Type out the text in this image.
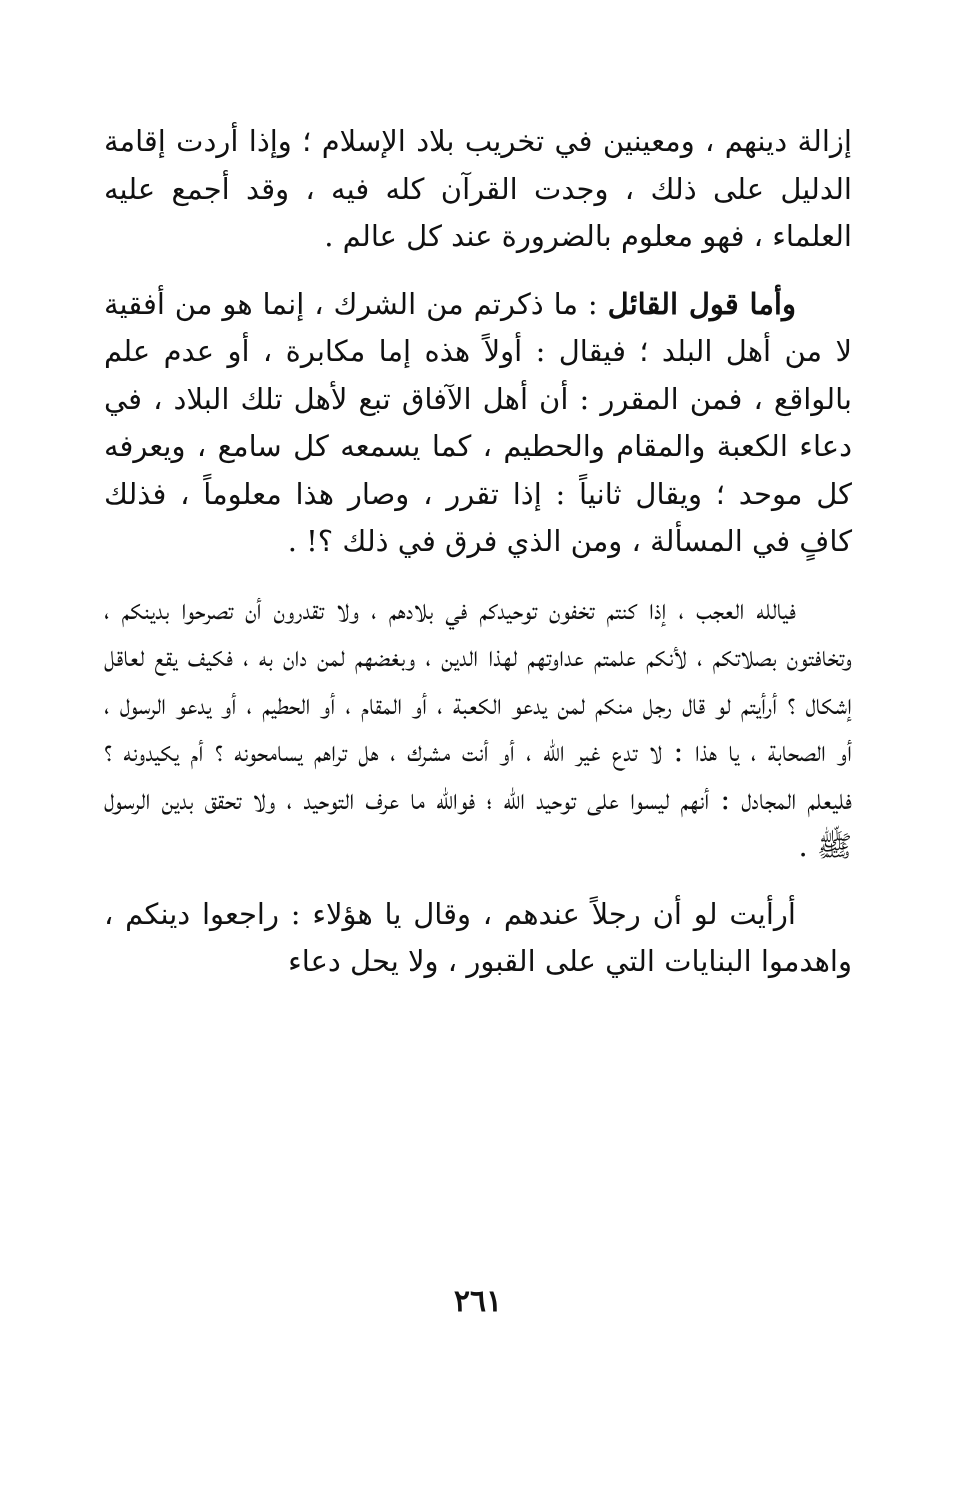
إزالة دينهم ، ومعينين في تخريب بلاد الإسلام ؛ وإذا أردت إقامة الدليل على ذلك ، وجدت القرآن كله فيه ، وقد أجمع عليه العلماء ، فهو معلوم بالضرورة عند كل عالم .

وأما قول القائل : ما ذكرتم من الشرك ، إنما هو من أفقية لا من أهل البلد ؛ فيقال : أولاً هذه إما مكابرة ، أو عدم علم بالواقع ، فمن المقرر : أن أهل الآفاق تبع لأهل تلك البلاد ، في دعاء الكعبة والمقام والحطيم ، كما يسمعه كل سامع ، ويعرفه كل موحد ؛ ويقال ثانياً : إذا تقرر ، وصار هذا معلوماً ، فذلك كافٍ في المسألة ، ومن الذي فرق في ذلك ؟! .

فيالله العجب ، إذا كنتم تخفون توحيدكم في بلادهم ، ولا تقدرون أن تصرحوا بدينكم ، وتخافتون بصلاتكم ، لأنكم علمتم عداوتهم لهذا الدين ، وبغضهم لمن دان به ، فكيف يقع لعاقل إشكال ؟ أرأيتم لو قال رجل منكم لمن يدعو الكعبة ، أو المقام ، أو الحطيم ، أو يدعو الرسول ، أو الصحابة ، يا هذا : لا تدع غير الله ، أو أنت مشرك ، هل تراهم يسامحونه ؟ أم يكيدونه ؟ فليعلم المجادل : أنهم ليسوا على توحيد الله ؛ فوالله ما عرف التوحيد ، ولا تحقق بدين الرسول ﷺ .

أرأيت لو أن رجلاً عندهم ، وقال يا هؤلاء : راجعوا دينكم ، واهدموا البنايات التي على القبور ، ولا يحل دعاء

٢٦١
